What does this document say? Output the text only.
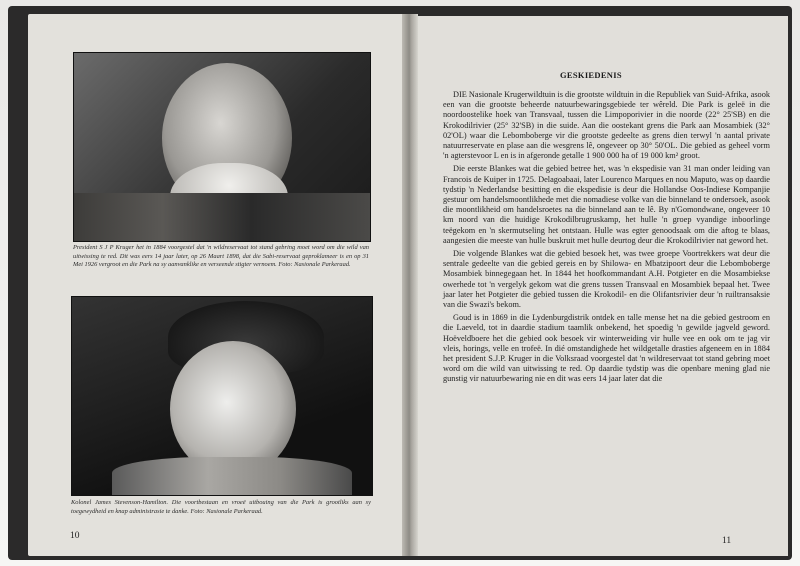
President S J P Kruger het in 1884 voorgestel dat 'n wildreservaat tot stand gebring moet word om die wild van uitwissing te red. Dit was eers 14 jaar later, op 26 Maart 1898, dat die Sabi-reservaat geproklameer is en op 31 Mei 1926 vergroot en die Park na sy aanvanklike en verseende stigter vernoem. Foto: Nasionale Parkeraad.
Kolonel James Stevenson-Hamilton. Die voortbestaan en vroeë uitbouing van die Park is grootliks aan sy toegewydheid en knap administrasie te danke. Foto: Nasionale Parkeraad.
10
GESKIEDENIS

DIE Nasionale Krugerwildtuin is die grootste wildtuin in die Republiek van Suid-Afrika, asook een van die grootste beheerde natuurbewaringsgebiede ter wêreld. Die Park is geleë in die noordoostelike hoek van Transvaal, tussen die Limpoporivier in die noorde (22° 25'SB) en die Krokodilrivier (25° 32'SB) in die suide. Aan die oostekant grens die Park aan Mosambiek (32° 02'OL) waar die Lebomboberge vir die grootste gedeelte as grens dien terwyl 'n aantal private natuurreservate en plase aan die wesgrens lê, ongeveer op 30° 50'OL. Die gebied as geheel vorm 'n agterstevoor L en is in afgeronde getalle 1 900 000 ha of 19 000 km² groot.

Die eerste Blankes wat die gebied betree het, was 'n ekspedisie van 31 man onder leiding van Francois de Kuiper in 1725. Delagoabaai, later Lourenco Marques en nou Maputo, was op daardie tydstip 'n Nederlandse besitting en die ekspedisie is deur die Hollandse Oos-Indiese Kompanjie gestuur om handelsmoontlikhede met die nomadiese volke van die binneland te ondersoek, asook die moontlikheid om handelsroetes na die binneland aan te lê. By n'Gomondwane, ongeveer 10 km noord van die huidige Krokodilbrugruskamp, het hulle 'n groep vyandige inboorlinge teëgekom en 'n skermutseling het ontstaan. Hulle was egter genoodsaak om die aftog te blaas, aangesien die meeste van hulle buskruit met hulle deurtog deur die Krokodilrivier nat geword het.

Die volgende Blankes wat die gebied besoek het, was twee groepe Voortrekkers wat deur die sentrale gedeelte van die gebied gereis en by Shilowa- en Mbatzipoort deur die Lebomboberge Mosambiek binnegegaan het. In 1844 het hoofkommandant A.H. Potgieter en die Mosambiekse owerhede tot 'n vergelyk gekom wat die grens tussen Transvaal en Mosambiek bepaal het. Twee jaar later het Potgieter die gebied tussen die Krokodil- en die Olifantsrivier deur 'n ruiltransaksie van die Swazi's bekom.

Goud is in 1869 in die Lydenburgdistrik ontdek en talle mense het na die gebied gestroom en die Laeveld, tot in daardie stadium taamlik onbekend, het spoedig 'n gewilde jagveld geword. Hoëveldboere het die gebied ook besoek vir winterweiding vir hulle vee en ook om te jag vir vleis, horings, velle en trofeë. In dié omstandighede het wildgetalle drasties afgeneem en in 1884 het president S.J.P. Kruger in die Volksraad voorgestel dat 'n wildreservaat tot stand gebring moet word om die wild van uitwissing te red. Op daardie tydstip was die openbare mening glad nie gunstig vir natuurbewaring nie en dit was eers 14 jaar later dat die

11
